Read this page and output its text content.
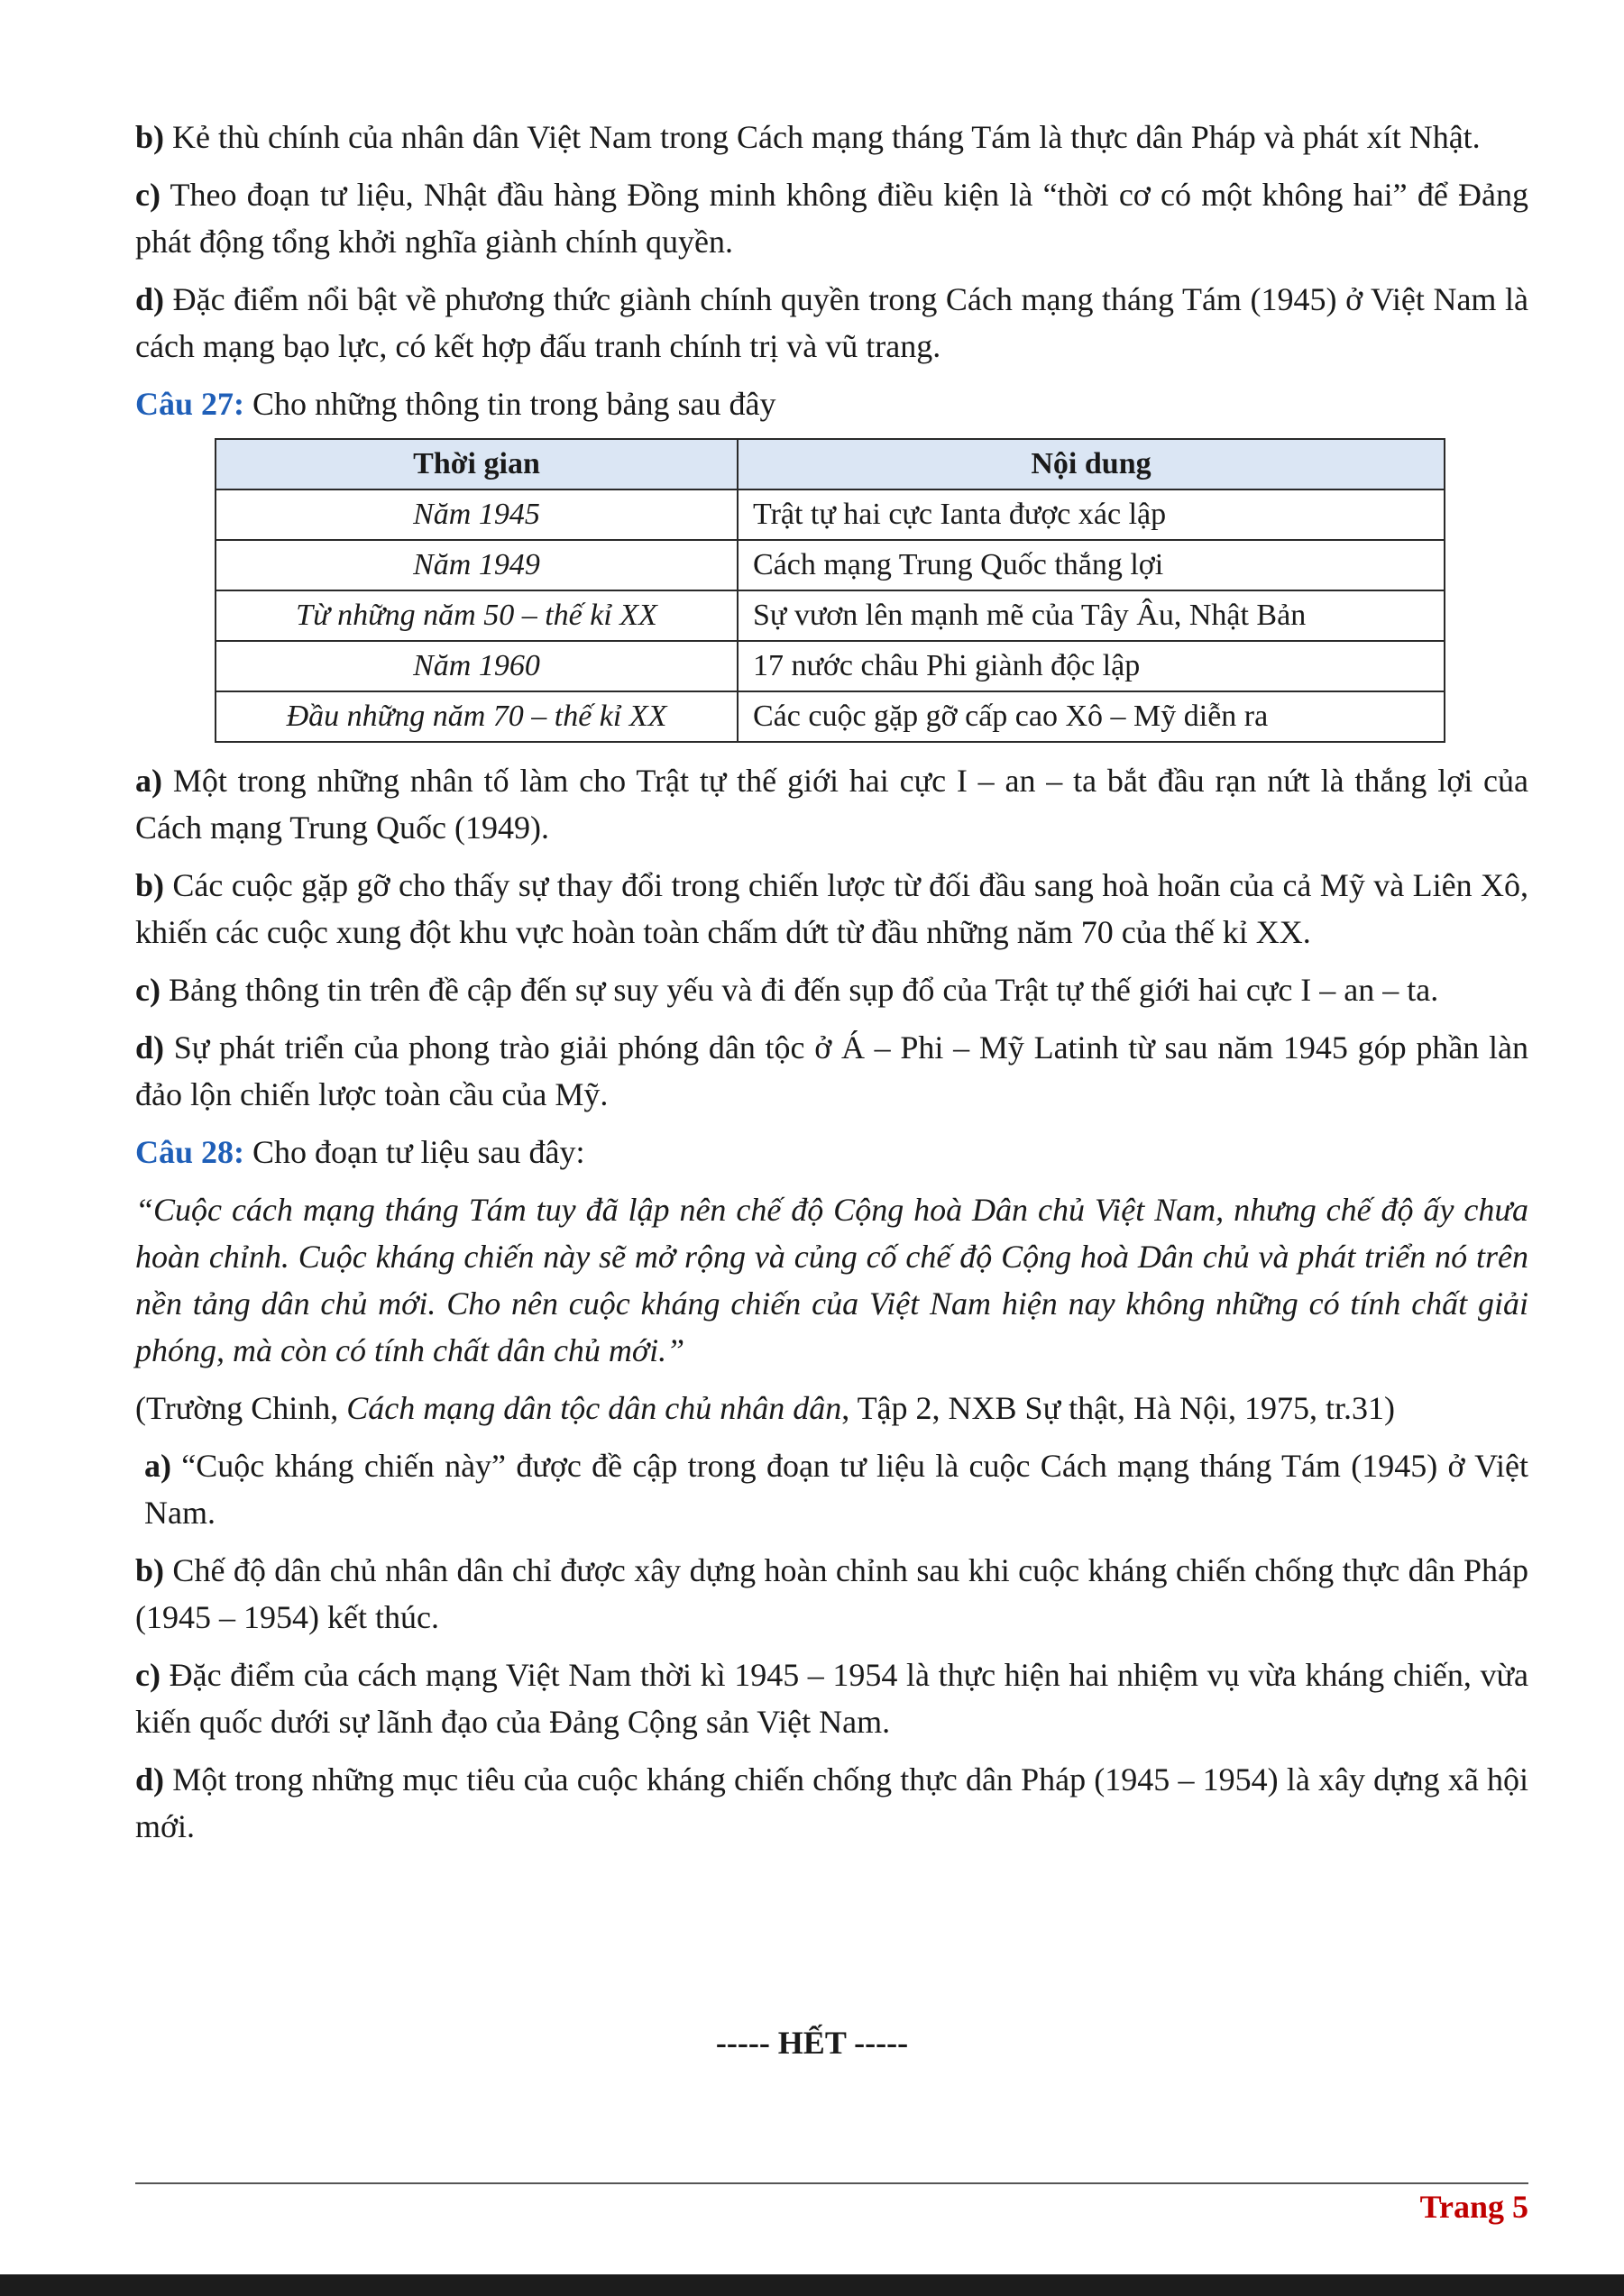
b) Kẻ thù chính của nhân dân Việt Nam trong Cách mạng tháng Tám là thực dân Pháp và phát xít Nhật.

c) Theo đoạn tư liệu, Nhật đầu hàng Đồng minh không điều kiện là “thời cơ có một không hai” để Đảng phát động tổng khởi nghĩa giành chính quyền.

d) Đặc điểm nổi bật về phương thức giành chính quyền trong Cách mạng tháng Tám (1945) ở Việt Nam là cách mạng bạo lực, có kết hợp đấu tranh chính trị và vũ trang.

Câu 27: Cho những thông tin trong bảng sau đây

Thời gian	Nội dung
Năm 1945	Trật tự hai cực Ianta được xác lập
Năm 1949	Cách mạng Trung Quốc thắng lợi
Từ những năm 50 – thế kỉ XX	Sự vươn lên mạnh mẽ của Tây Âu, Nhật Bản
Năm 1960	17 nước châu Phi giành độc lập
Đầu những năm 70 – thế kỉ XX	Các cuộc gặp gỡ cấp cao Xô – Mỹ diễn ra

a) Một trong những nhân tố làm cho Trật tự thế giới hai cực I – an – ta bắt đầu rạn nứt là thắng lợi của Cách mạng Trung Quốc (1949).

b) Các cuộc gặp gỡ cho thấy sự thay đổi trong chiến lược từ đối đầu sang hoà hoãn của cả Mỹ và Liên Xô, khiến các cuộc xung đột khu vực hoàn toàn chấm dứt từ đầu những năm 70 của thế kỉ XX.

c) Bảng thông tin trên đề cập đến sự suy yếu và đi đến sụp đổ của Trật tự thế giới hai cực I – an – ta.

d) Sự phát triển của phong trào giải phóng dân tộc ở Á – Phi – Mỹ Latinh từ sau năm 1945 góp phần làn đảo lộn chiến lược toàn cầu của Mỹ.

Câu 28: Cho đoạn tư liệu sau đây:

“Cuộc cách mạng tháng Tám tuy đã lập nên chế độ Cộng hoà Dân chủ Việt Nam, nhưng chế độ ấy chưa hoàn chỉnh. Cuộc kháng chiến này sẽ mở rộng và củng cố chế độ Cộng hoà Dân chủ và phát triển nó trên nền tảng dân chủ mới. Cho nên cuộc kháng chiến của Việt Nam hiện nay không những có tính chất giải phóng, mà còn có tính chất dân chủ mới.”

(Trường Chinh, Cách mạng dân tộc dân chủ nhân dân, Tập 2, NXB Sự thật, Hà Nội, 1975, tr.31)

a) “Cuộc kháng chiến này” được đề cập trong đoạn tư liệu là cuộc Cách mạng tháng Tám (1945) ở Việt Nam.

b) Chế độ dân chủ nhân dân chỉ được xây dựng hoàn chỉnh sau khi cuộc kháng chiến chống thực dân Pháp (1945 – 1954) kết thúc.

c) Đặc điểm của cách mạng Việt Nam thời kì 1945 – 1954 là thực hiện hai nhiệm vụ vừa kháng chiến, vừa kiến quốc dưới sự lãnh đạo của Đảng Cộng sản Việt Nam.

d) Một trong những mục tiêu của cuộc kháng chiến chống thực dân Pháp (1945 – 1954) là xây dựng xã hội mới.

----- HẾT -----
Trang 5
